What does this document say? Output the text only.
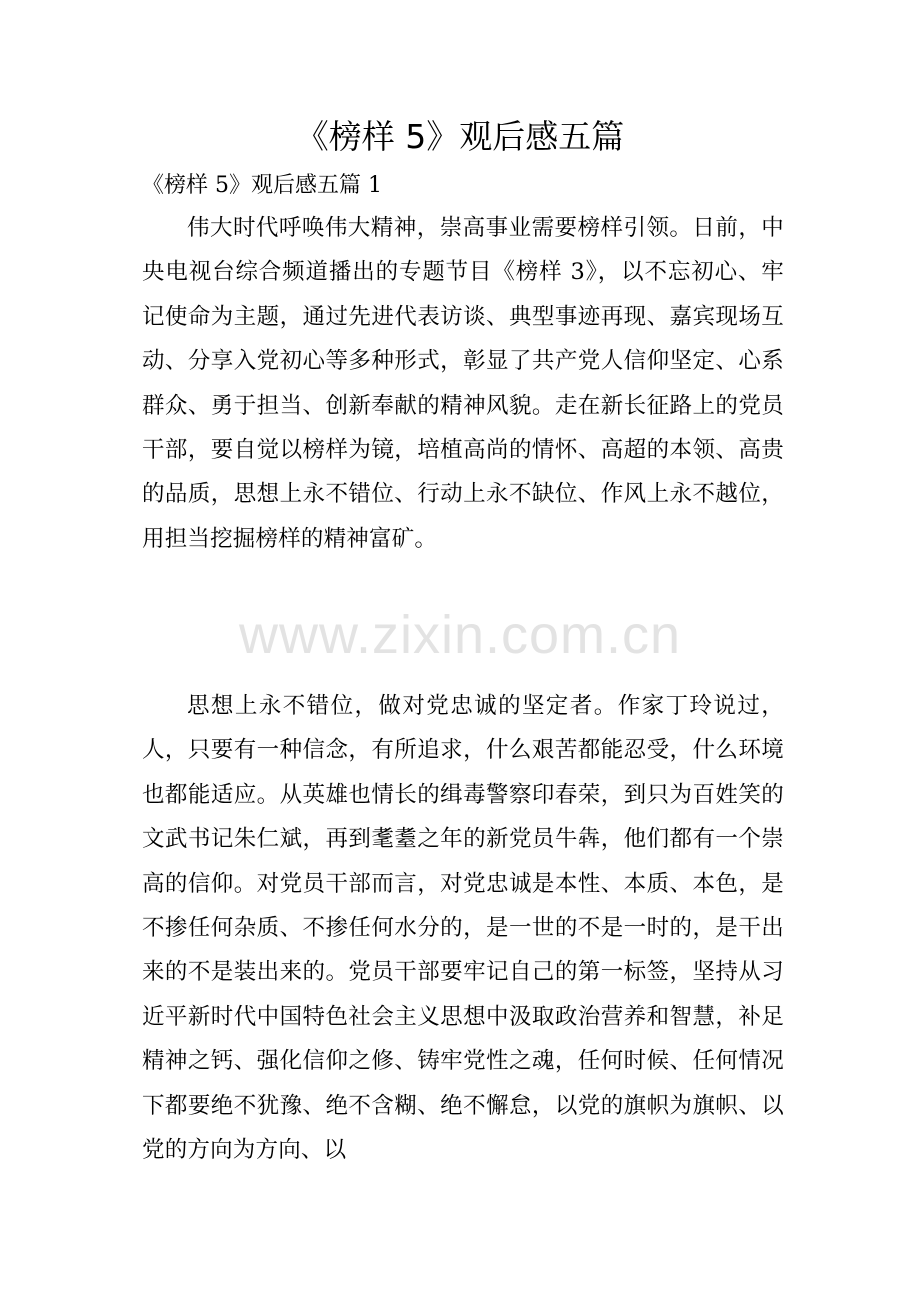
《榜样 5》观后感五篇
《榜样 5》观后感五篇 1

伟大时代呼唤伟大精神，崇高事业需要榜样引领。日前，中央电视台综合频道播出的专题节目《榜样 3》，以不忘初心、牢记使命为主题，通过先进代表访谈、典型事迹再现、嘉宾现场互动、分享入党初心等多种形式，彰显了共产党人信仰坚定、心系群众、勇于担当、创新奉献的精神风貌。走在新长征路上的党员干部，要自觉以榜样为镜，培植高尚的情怀、高超的本领、高贵的品质，思想上永不错位、行动上永不缺位、作风上永不越位，用担当挖掘榜样的精神富矿。

www.zixin.com.cn

思想上永不错位，做对党忠诚的坚定者。作家丁玲说过，人，只要有一种信念，有所追求，什么艰苦都能忍受，什么环境也都能适应。从英雄也情长的缉毒警察印春荣，到只为百姓笑的文武书记朱仁斌，再到耄耋之年的新党员牛犇，他们都有一个崇高的信仰。对党员干部而言，对党忠诚是本性、本质、本色，是不掺任何杂质、不掺任何水分的，是一世的不是一时的，是干出来的不是装出来的。党员干部要牢记自己的第一标签，坚持从习近平新时代中国特色社会主义思想中汲取政治营养和智慧，补足精神之钙、强化信仰之修、铸牢党性之魂，任何时候、任何情况下都要绝不犹豫、绝不含糊、绝不懈怠，以党的旗帜为旗帜、以党的方向为方向、以
